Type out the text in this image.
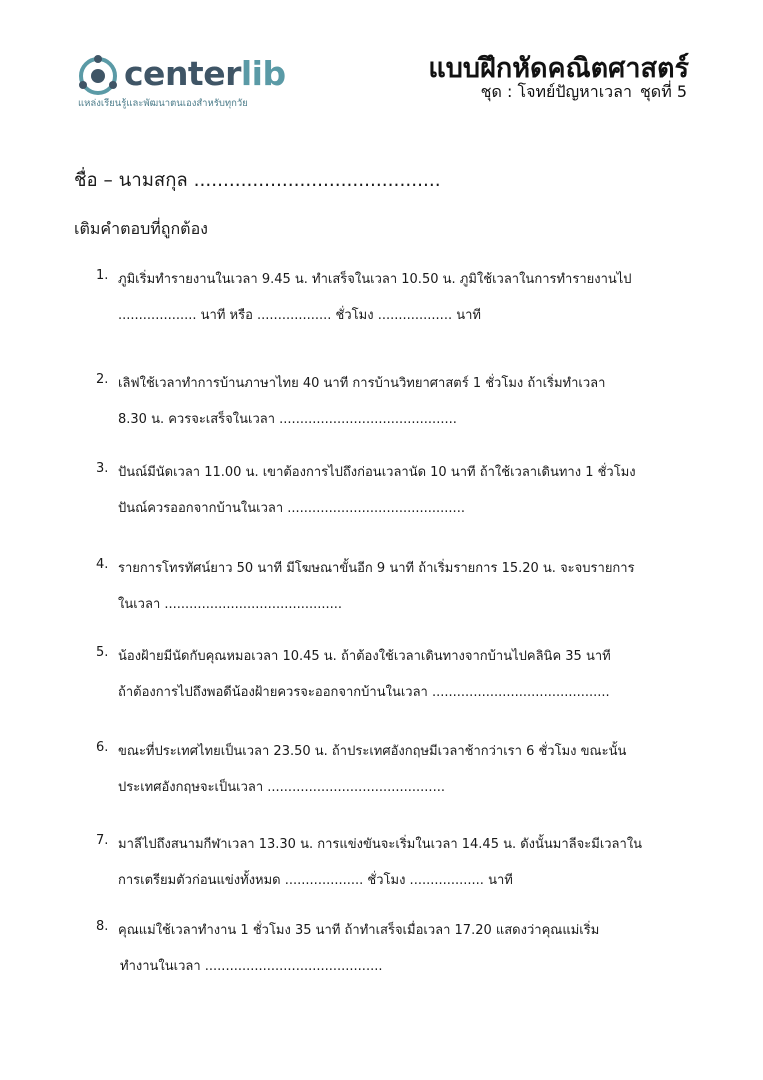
centerlib
แหล่งเรียนรู้และพัฒนาตนเองสำหรับทุกวัย
แบบฝึกหัดคณิตศาสตร์
ชุด : โจทย์ปัญหาเวลา ชุดที่ 5
ชื่อ – นามสกุล ..........................................
เติมคำตอบที่ถูกต้อง
1. ภูมิเริ่มทำรายงานในเวลา 9.45 น. ทำเสร็จในเวลา 10.50 น. ภูมิใช้เวลาในการทำรายงานไป
................... นาที หรือ .................. ชั่วโมง .................. นาที
2. เลิฟใช้เวลาทำการบ้านภาษาไทย 40 นาที การบ้านวิทยาศาสตร์ 1 ชั่วโมง ถ้าเริ่มทำเวลา
8.30 น. ควรจะเสร็จในเวลา ...........................................
3. ปันณ์มีนัดเวลา 11.00 น. เขาต้องการไปถึงก่อนเวลานัด 10 นาที ถ้าใช้เวลาเดินทาง 1 ชั่วโมง
ปันณ์ควรออกจากบ้านในเวลา ...........................................
4. รายการโทรทัศน์ยาว 50 นาที มีโฆษณาขั้นอีก 9 นาที ถ้าเริ่มรายการ 15.20 น. จะจบรายการ
ในเวลา ...........................................
5. น้องฝ้ายมีนัดกับคุณหมอเวลา 10.45 น. ถ้าต้องใช้เวลาเดินทางจากบ้านไปคลินิค 35 นาที
ถ้าต้องการไปถึงพอดีน้องฝ้ายควรจะออกจากบ้านในเวลา ...........................................
6. ขณะที่ประเทศไทยเป็นเวลา 23.50 น. ถ้าประเทศอังกฤษมีเวลาช้ากว่าเรา 6 ชั่วโมง ขณะนั้น
ประเทศอังกฤษจะเป็นเวลา ...........................................
7. มาลีไปถึงสนามกีฬาเวลา 13.30 น. การแข่งขันจะเริ่มในเวลา 14.45 น. ดังนั้นมาลีจะมีเวลาใน
การเตรียมตัวก่อนแข่งทั้งหมด ................... ชั่วโมง .................. นาที
8. คุณแม่ใช้เวลาทำงาน 1 ชั่วโมง 35 นาที ถ้าทำเสร็จเมื่อเวลา 17.20 แสดงว่าคุณแม่เริ่ม
ทำงานในเวลา ...........................................
